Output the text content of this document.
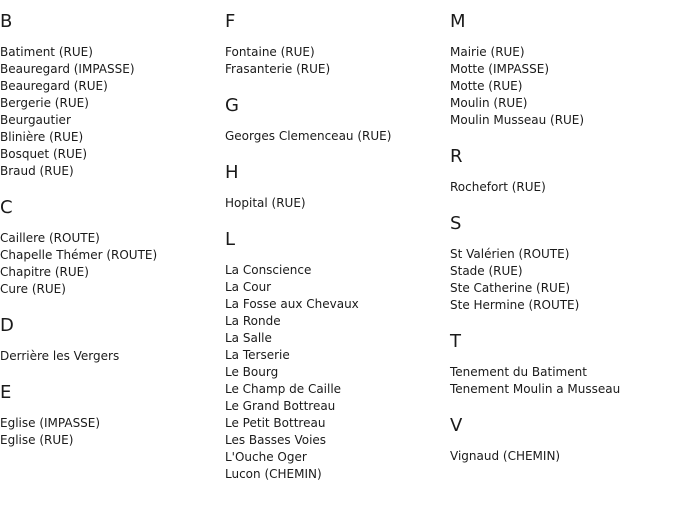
B
Batiment (RUE)
Beauregard (IMPASSE)
Beauregard (RUE)
Bergerie (RUE)
Beurgautier
Blinière (RUE)
Bosquet (RUE)
Braud (RUE)
C
Caillere (ROUTE)
Chapelle Thémer (ROUTE)
Chapitre (RUE)
Cure (RUE)
D
Derrière les Vergers
E
Eglise (IMPASSE)
Eglise (RUE)
F
Fontaine (RUE)
Frasanterie (RUE)
G
Georges Clemenceau (RUE)
H
Hopital (RUE)
L
La Conscience
La Cour
La Fosse aux Chevaux
La Ronde
La Salle
La Terserie
Le Bourg
Le Champ de Caille
Le Grand Bottreau
Le Petit Bottreau
Les Basses Voies
L'Ouche Oger
Lucon (CHEMIN)
M
Mairie (RUE)
Motte (IMPASSE)
Motte (RUE)
Moulin (RUE)
Moulin Musseau (RUE)
R
Rochefort (RUE)
S
St Valérien (ROUTE)
Stade (RUE)
Ste Catherine (RUE)
Ste Hermine (ROUTE)
T
Tenement du Batiment
Tenement Moulin a Musseau
V
Vignaud (CHEMIN)
